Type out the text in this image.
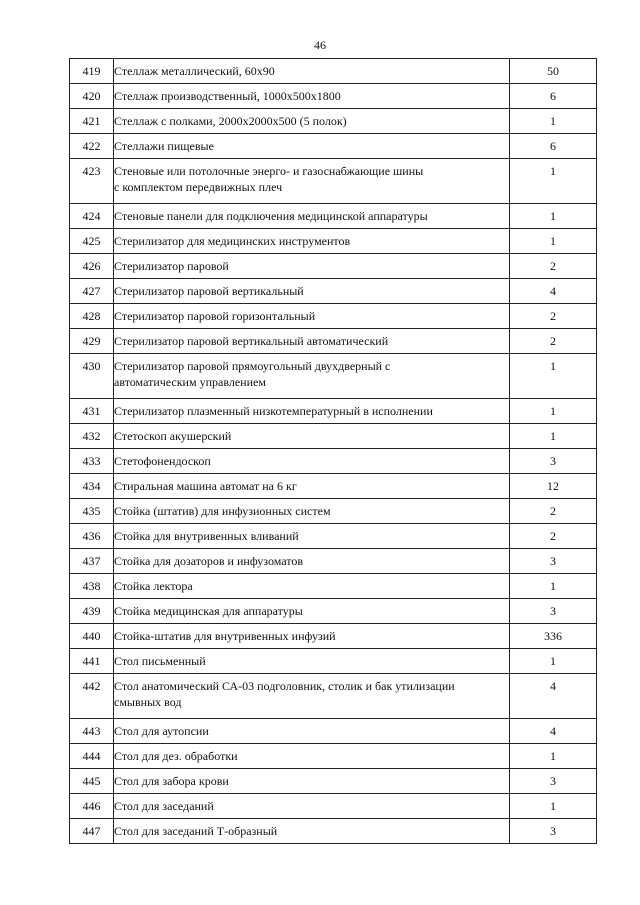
46
419	Стеллаж металлический, 60х90	50
420	Стеллаж производственный, 1000х500х1800	6
421	Стеллаж с полками, 2000х2000х500 (5 полок)	1
422	Стеллажи пищевые	6
423	Стеновые или потолочные энерго- и газоснабжающие шины
с комплектом передвижных плеч	1
424	Стеновые панели для подключения медицинской аппаратуры	1
425	Стерилизатор для медицинских инструментов	1
426	Стерилизатор паровой	2
427	Стерилизатор паровой вертикальный	4
428	Стерилизатор паровой горизонтальный	2
429	Стерилизатор паровой вертикальный автоматический	2
430	Стерилизатор паровой прямоугольный двухдверный с
автоматическим управлением	1
431	Стерилизатор плазменный низкотемпературный в исполнении	1
432	Стетоскоп акушерский	1
433	Стетофонендоскоп	3
434	Стиральная машина автомат на 6 кг	12
435	Стойка (штатив) для инфузионных систем	2
436	Стойка для внутривенных вливаний	2
437	Стойка для дозаторов и инфузоматов	3
438	Стойка лектора	1
439	Стойка медицинская для аппаратуры	3
440	Стойка-штатив для внутривенных инфузий	336
441	Стол письменный	1
442	Стол анатомический СА-03 подголовник, столик и бак утилизации
смывных вод	4
443	Стол для аутопсии	4
444	Стол для дез. обработки	1
445	Стол для забора крови	3
446	Стол для заседаний	1
447	Стол для заседаний Т-образный	3
